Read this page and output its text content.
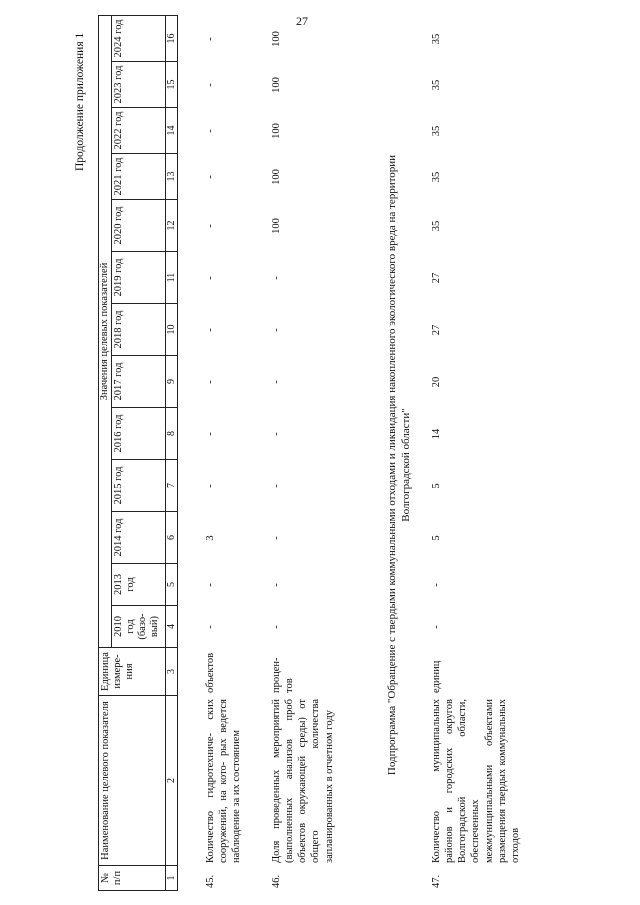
27
Продолжение приложения 1
№ п/п	Наименование целевого показателя	Единица измере- ния	Значения целевых показателей												
			2010 год (базо- вый)	2013 год	2014 год	2015 год	2016 год	2017 год	2018 год	2019 год	2020 год	2021 год	2022 год	2023 год	2024 год
1	2	3	4	5	6	7	8	9	10	11	12	13	14	15	16
45.	Количество гидротехниче- ских сооружений, на кото- рых ведется наблюдение за их состоянием	объектов	-	-	3	-	-	-	-	-	-	-	-	-	-
46.	Доля проведенных мероприятий (выполненных анализов проб объектов окружающей среды) от общего количества запланированных в отчетном году	процен- тов	-	-	-	-	-	-	-	-	100	100	100	100	100
Подпрограмма "Обращение с твердыми коммунальными отходами и ликвидация накопленного экологического вреда на территории Волгоградской области"
47.	Количество муниципальных районов и городских округов Волгоградской области, обеспеченных межмуниципальными объектами размещения твердых коммунальных отходов	единиц	-	-	5	5	14	20	27	27	35	35	35	35	35
